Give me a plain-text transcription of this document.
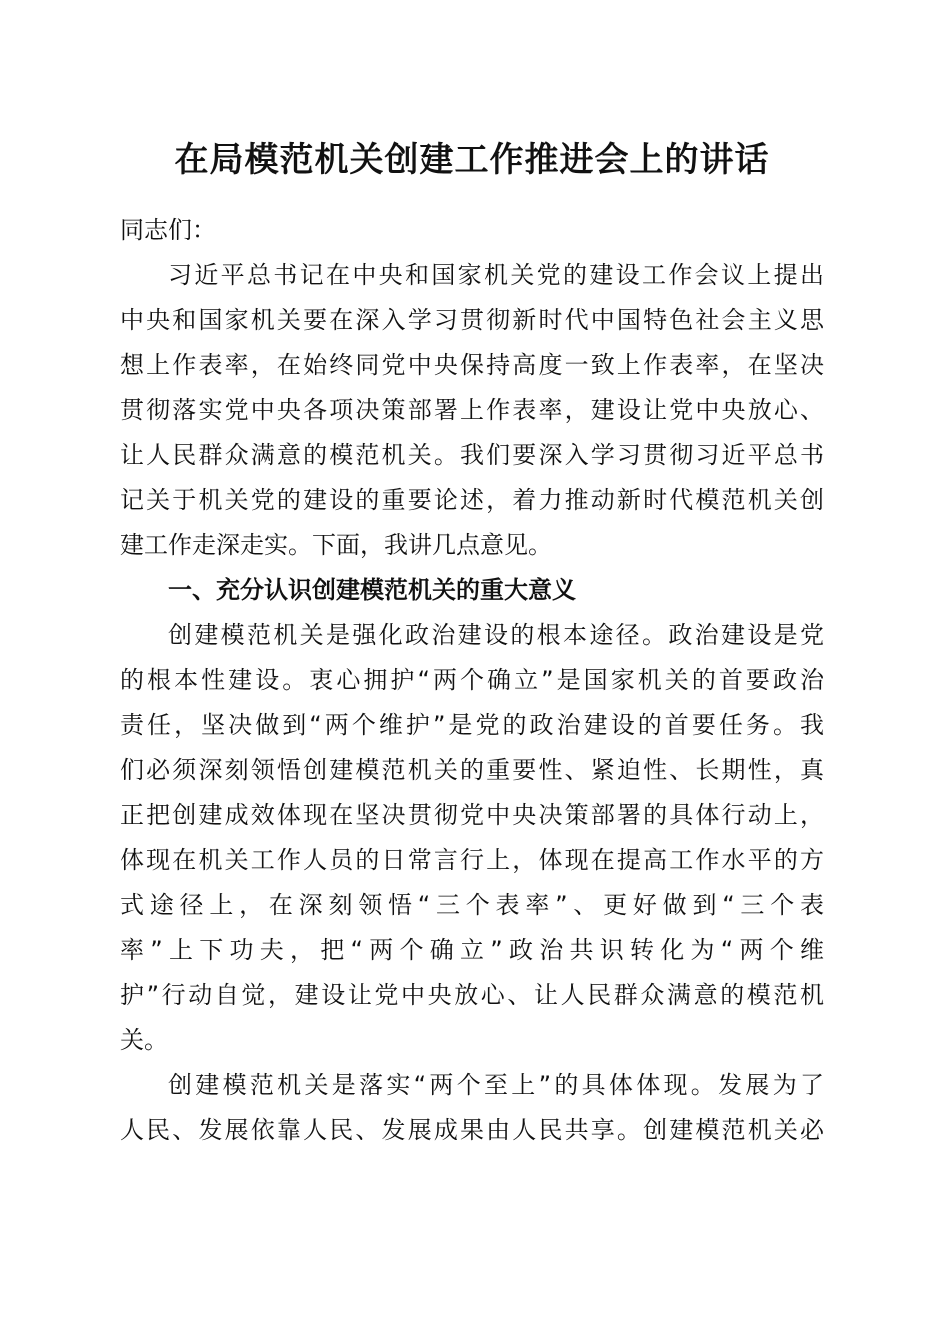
在局模范机关创建工作推进会上的讲话

同志们：

习近平总书记在中央和国家机关党的建设工作会议上提出
中央和国家机关要在深入学习贯彻新时代中国特色社会主义思
想上作表率，在始终同党中央保持高度一致上作表率，在坚决
贯彻落实党中央各项决策部署上作表率，建设让党中央放心、
让人民群众满意的模范机关。我们要深入学习贯彻习近平总书
记关于机关党的建设的重要论述，着力推动新时代模范机关创
建工作走深走实。下面，我讲几点意见。
一、充分认识创建模范机关的重大意义
创建模范机关是强化政治建设的根本途径。政治建设是党
的根本性建设。衷心拥护“两个确立”是国家机关的首要政治
责任，坚决做到“两个维护”是党的政治建设的首要任务。我
们必须深刻领悟创建模范机关的重要性、紧迫性、长期性，真
正把创建成效体现在坚决贯彻党中央决策部署的具体行动上，
体现在机关工作人员的日常言行上，体现在提高工作水平的方
式途径上，在深刻领悟“三个表率”、更好做到“三个表
率”上下功夫，把“两个确立”政治共识转化为“两个维
护”行动自觉，建设让党中央放心、让人民群众满意的模范机
关。
创建模范机关是落实“两个至上”的具体体现。发展为了
人民、发展依靠人民、发展成果由人民共享。创建模范机关必
